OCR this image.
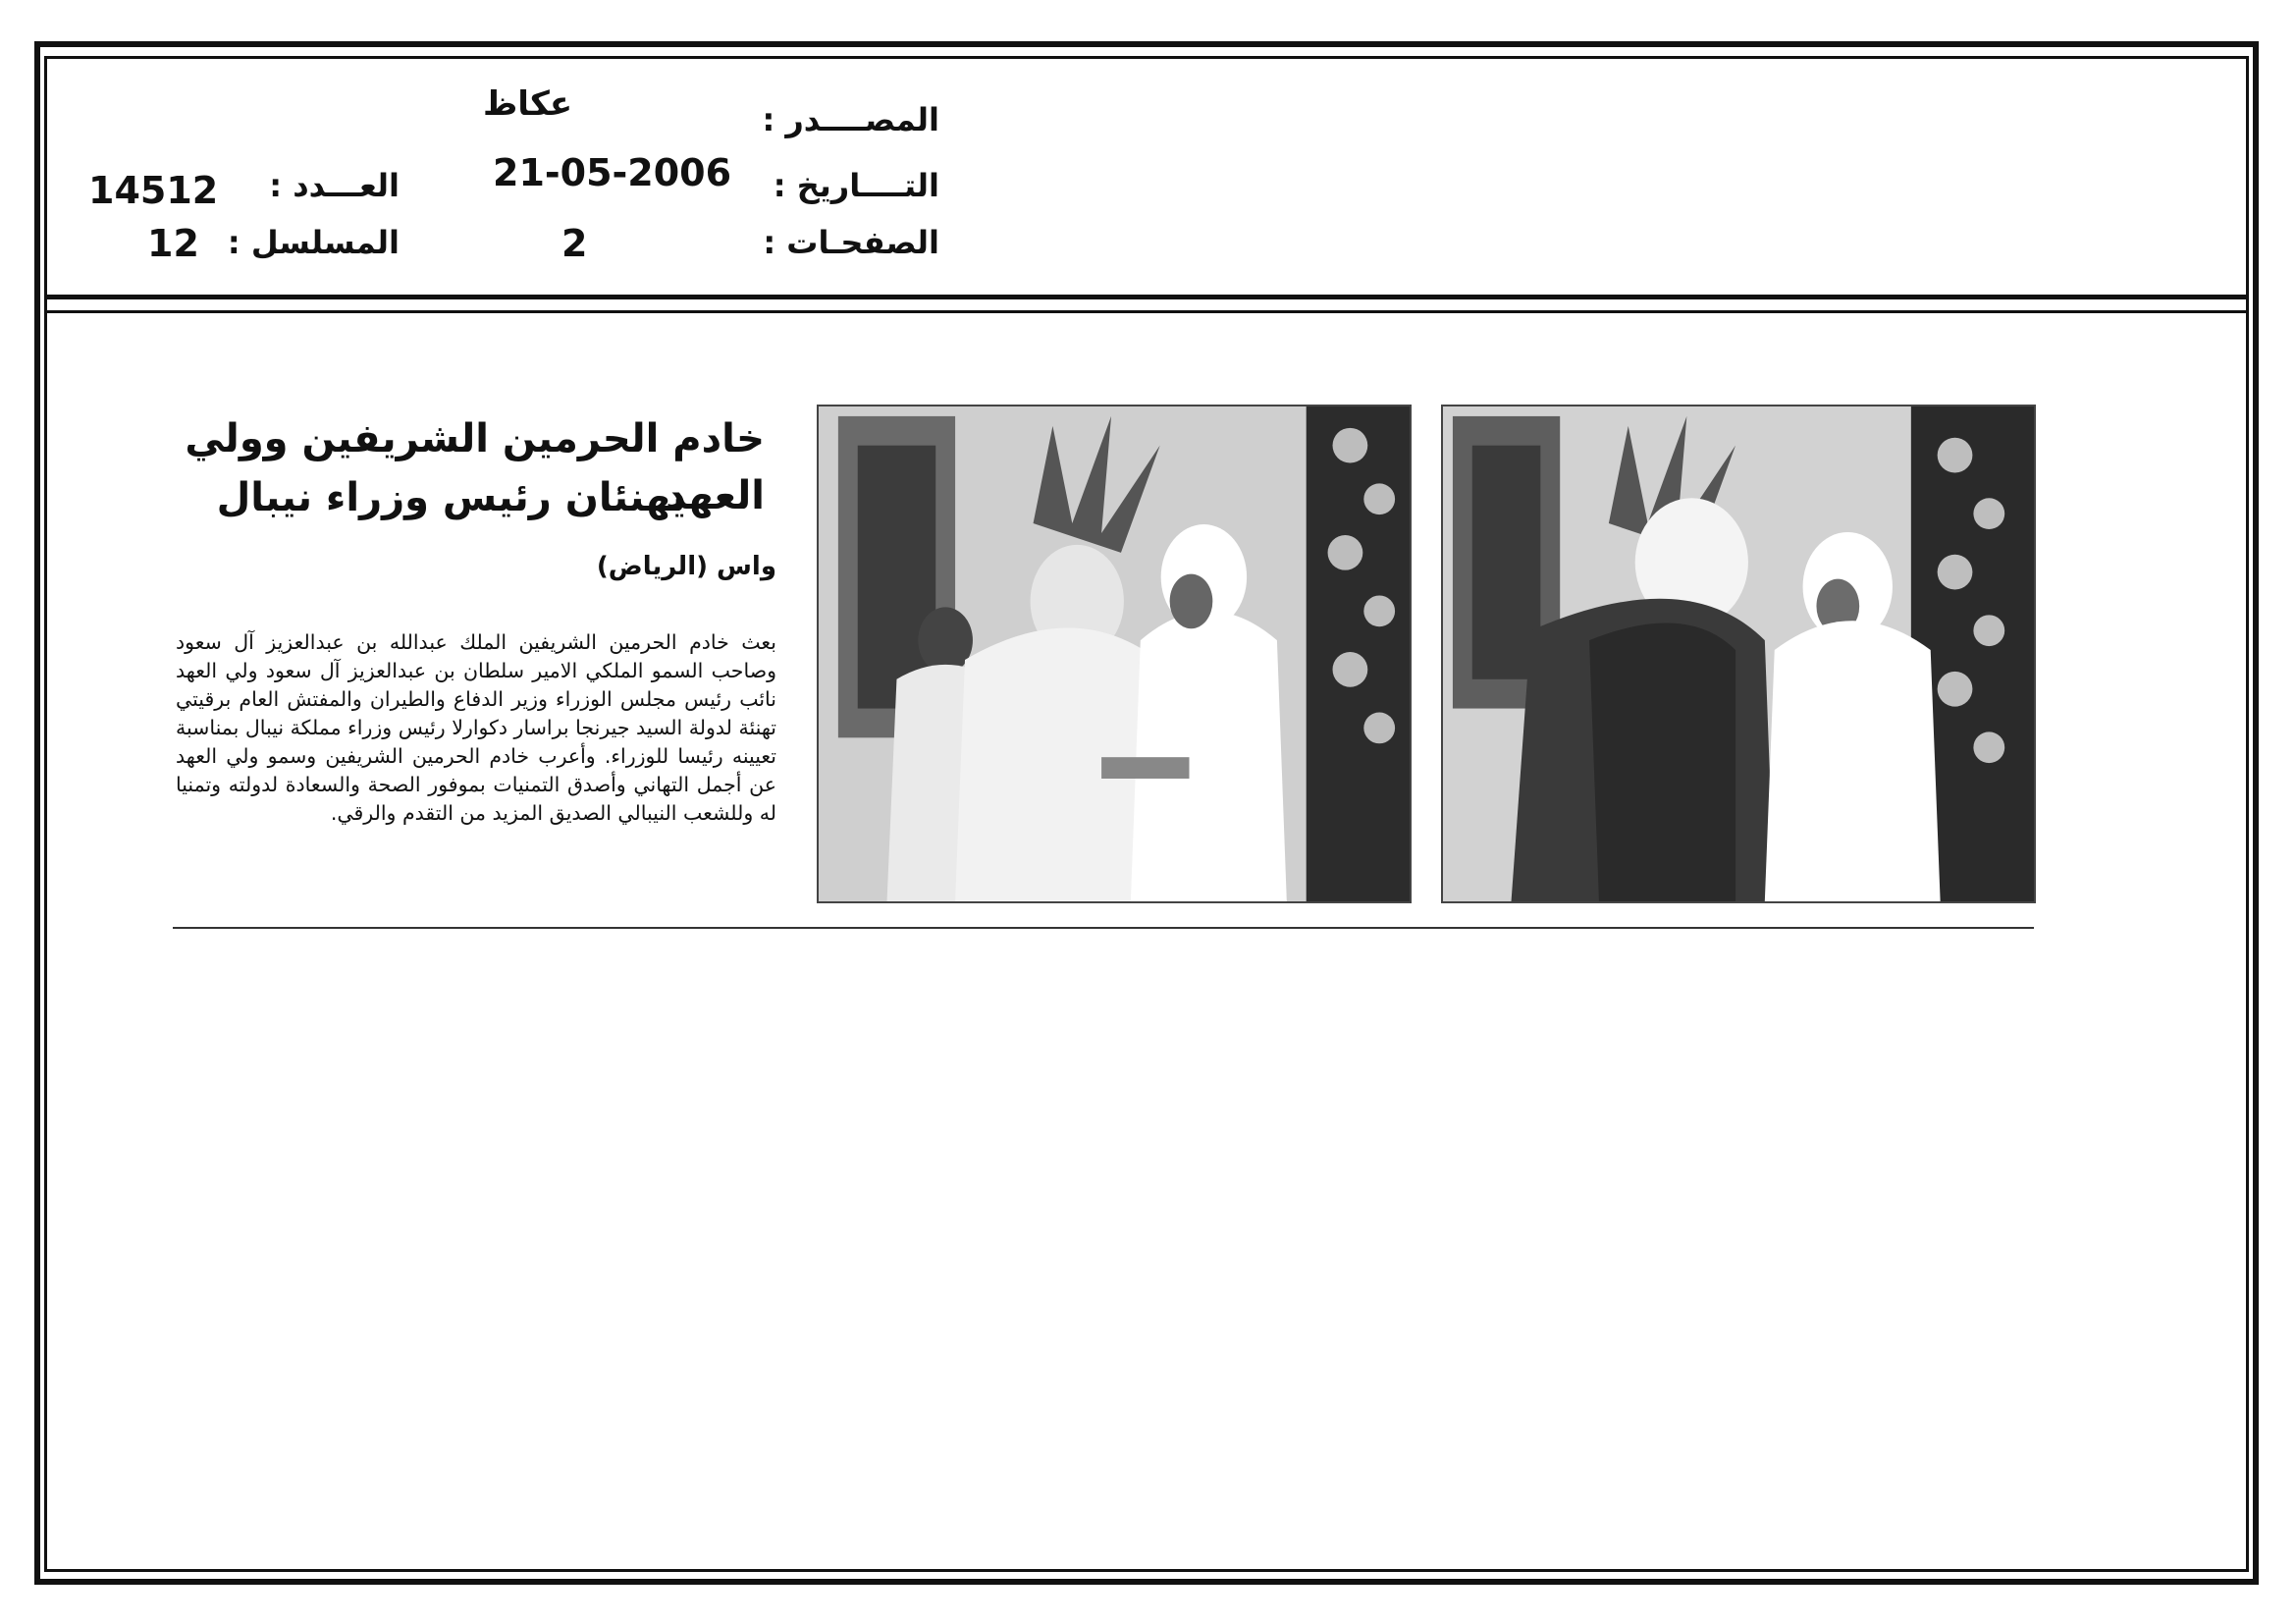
المصــــدر :
عكاظ
التــــاريخ :
21-05-2006
الصفحـات :
2
العـــدد :
14512
المسلسل :
12
خادم الحرمين الشريفين وولي العهد
يهنئان رئيس وزراء نيبال
واس (الرياض)
بعث خادم الحرمين الشريفين الملك عبدالله بن عبدالعزيز آل سعود وصاحب السمو الملكي الامير سلطان بن عبدالعزيز آل سعود ولي العهد نائب رئيس مجلس الوزراء وزير الدفاع والطيران والمفتش العام برقيتي تهنئة لدولة السيد جيرنجا براسار دكوارلا رئيس وزراء مملكة نيبال بمناسبة تعيينه رئيسا للوزراء. وأعرب خادم الحرمين الشريفين وسمو ولي العهد عن أجمل التهاني وأصدق التمنيات بموفور الصحة والسعادة لدولته وتمنيا له وللشعب النيبالي الصديق المزيد من التقدم والرقي.
